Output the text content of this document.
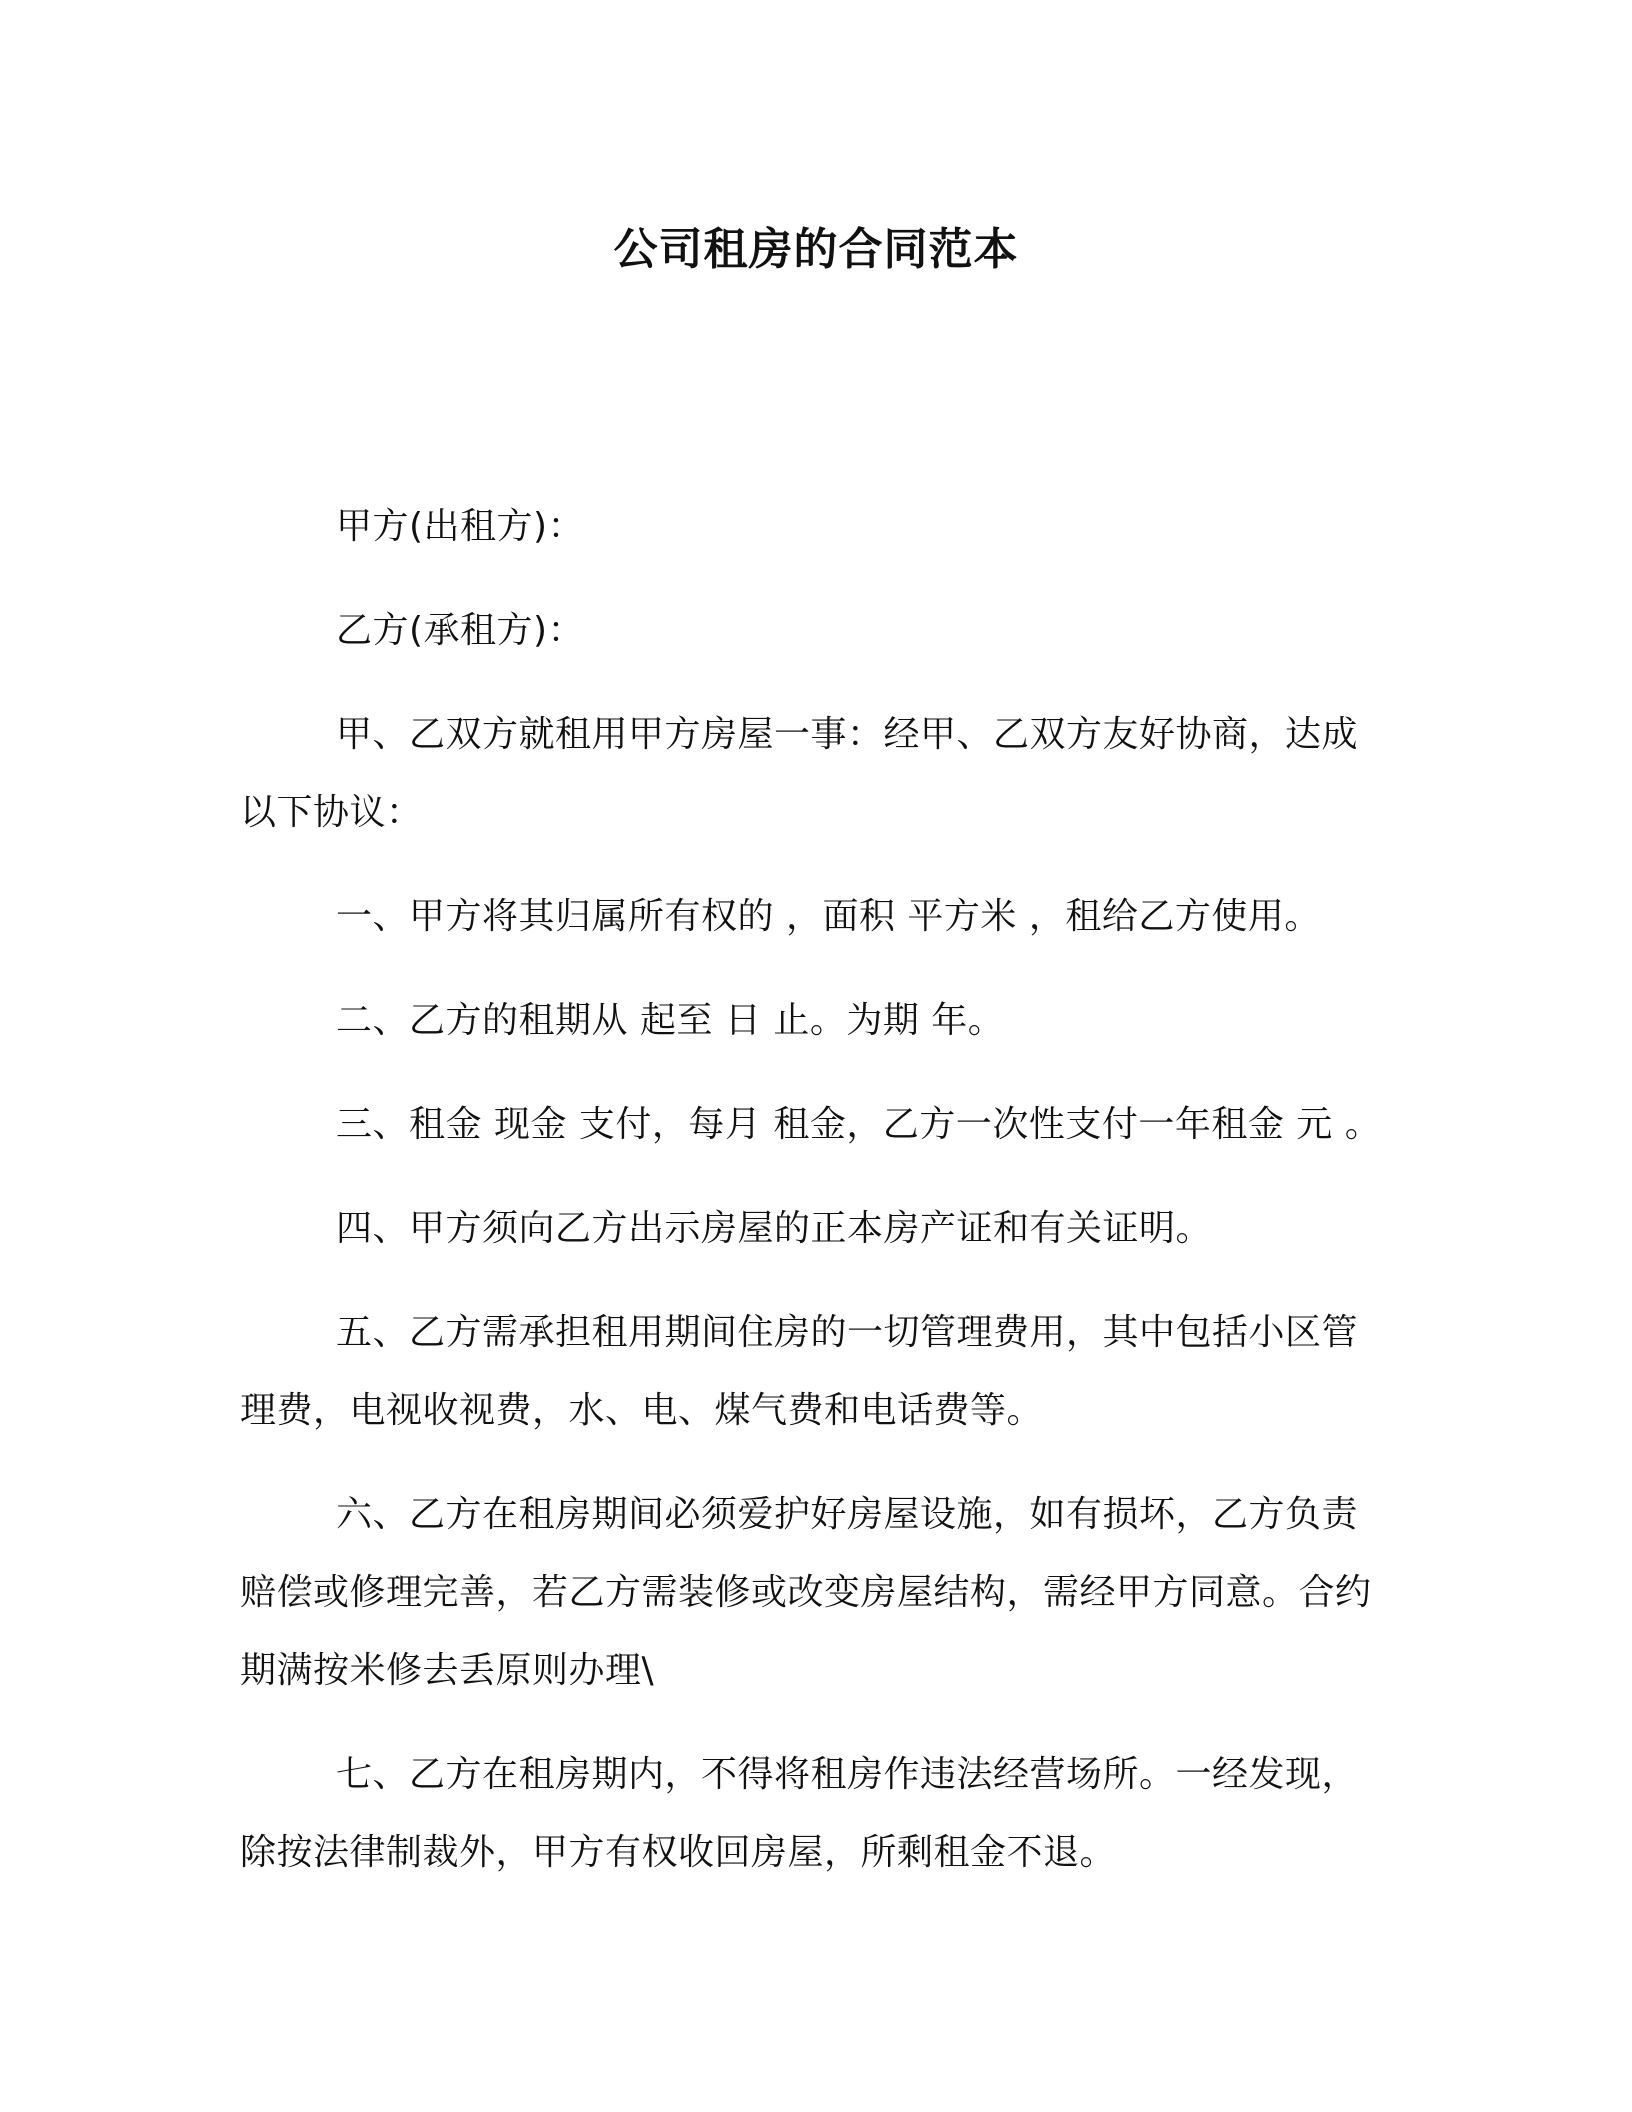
公司租房的合同范本

甲方(出租方)：

乙方(承租方)：

甲、乙双方就租用甲方房屋一事：经甲、乙双方友好协商，达成以下协议：

一、甲方将其归属所有权的 ，面积 平方米 ，租给乙方使用。

二、乙方的租期从 起至 日 止。为期 年。

三、租金 现金 支付，每月 租金，乙方一次性支付一年租金 元 。

四、甲方须向乙方出示房屋的正本房产证和有关证明。

五、乙方需承担租用期间住房的一切管理费用，其中包括小区管理费，电视收视费，水、电、煤气费和电话费等。

六、乙方在租房期间必须爱护好房屋设施，如有损坏，乙方负责赔偿或修理完善，若乙方需装修或改变房屋结构，需经甲方同意。合约期满按米修去丢原则办理\

七、乙方在租房期内，不得将租房作违法经营场所。一经发现，除按法律制裁外，甲方有权收回房屋，所剩租金不退。
